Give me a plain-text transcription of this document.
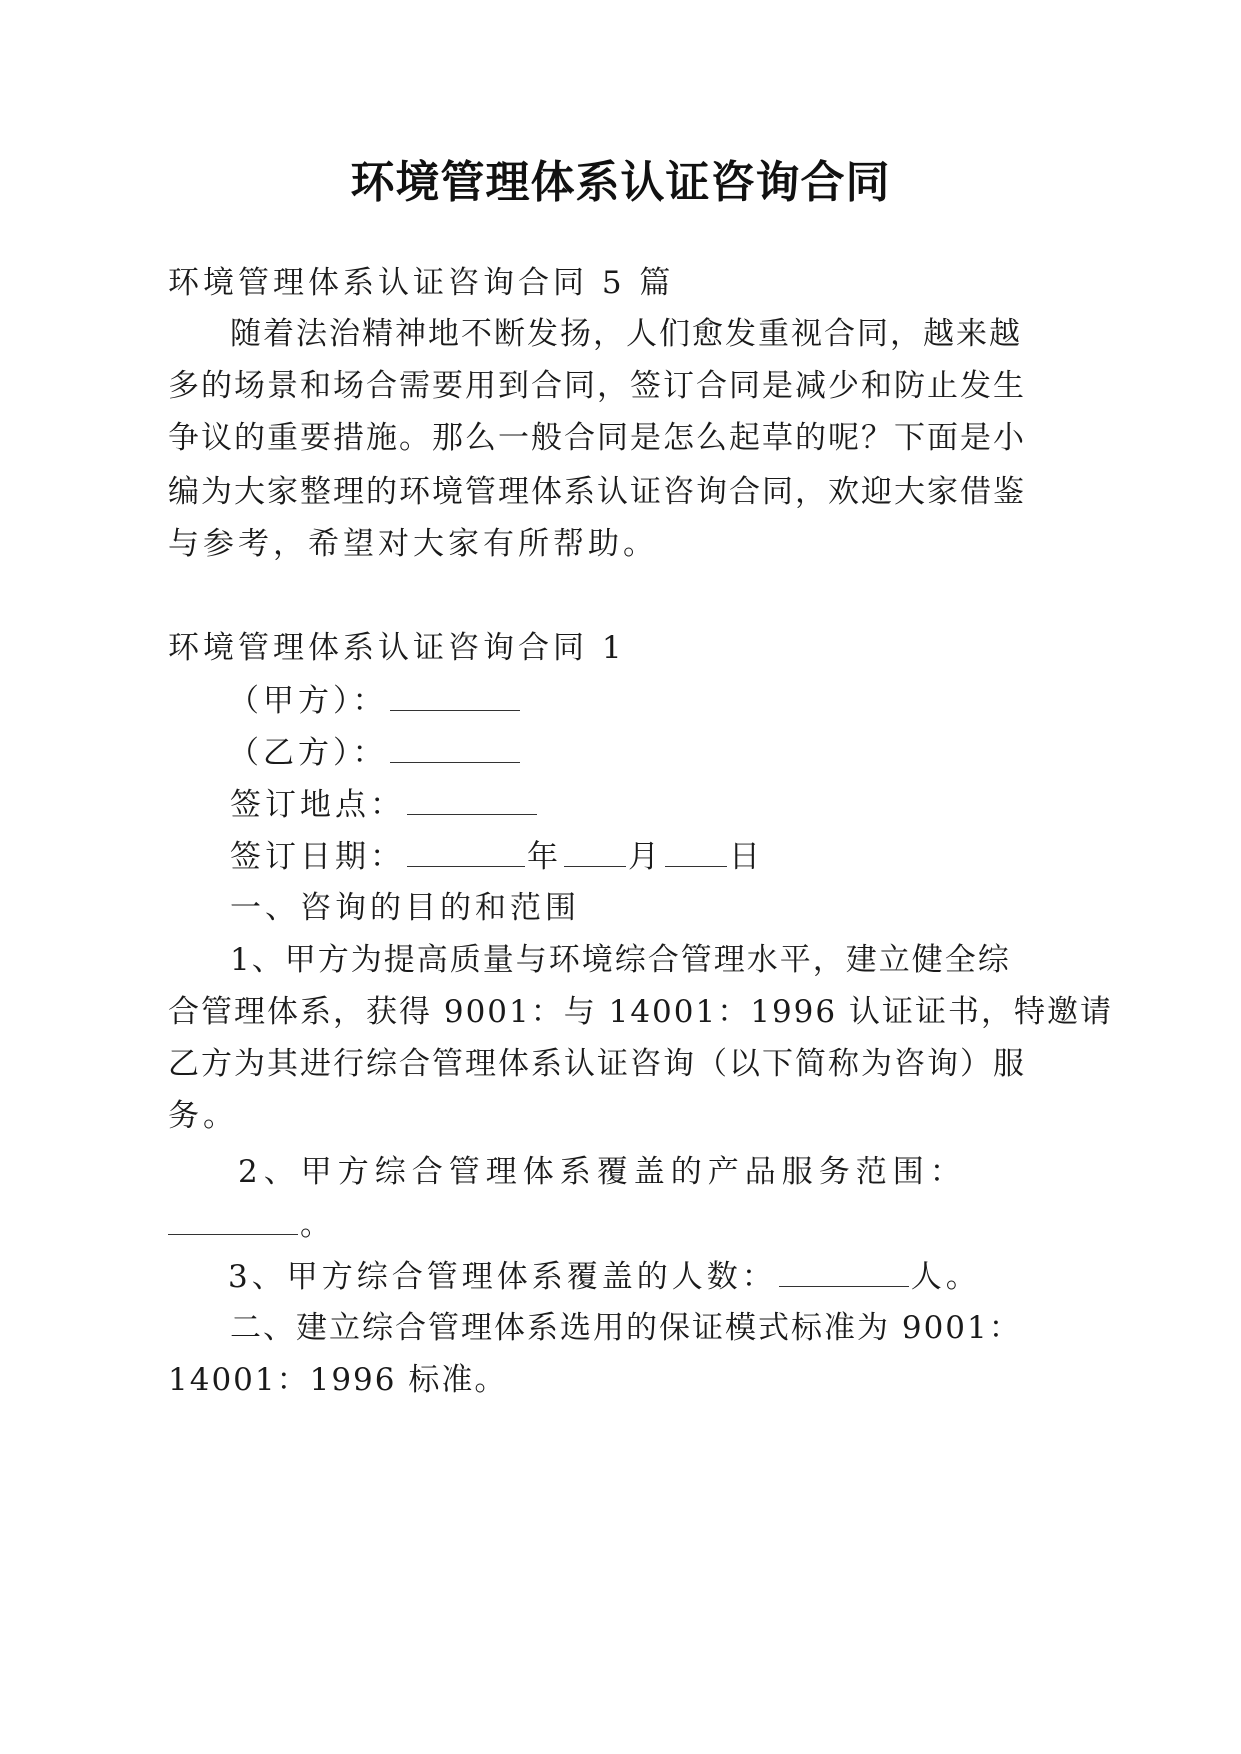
环境管理体系认证咨询合同
环境管理体系认证咨询合同 5 篇
随着法治精神地不断发扬，人们愈发重视合同，越来越
多的场景和场合需要用到合同，签订合同是减少和防止发生
争议的重要措施。那么一般合同是怎么起草的呢？下面是小
编为大家整理的环境管理体系认证咨询合同，欢迎大家借鉴
与参考，希望对大家有所帮助。
环境管理体系认证咨询合同 1
（甲方）：
（乙方）：
签订地点：
签订日期：	年 月 日
一、咨询的目的和范围
1、甲方为提高质量与环境综合管理水平，建立健全综
合管理体系，获得 9001：与 14001：1996 认证证书，特邀请
乙方为其进行综合管理体系认证咨询（以下简称为咨询）服
务。
2、甲方综合管理体系覆盖的产品服务范围：
。
3、甲方综合管理体系覆盖的人数：	人。
二、建立综合管理体系选用的保证模式标准为 9001：
14001：1996 标准。
